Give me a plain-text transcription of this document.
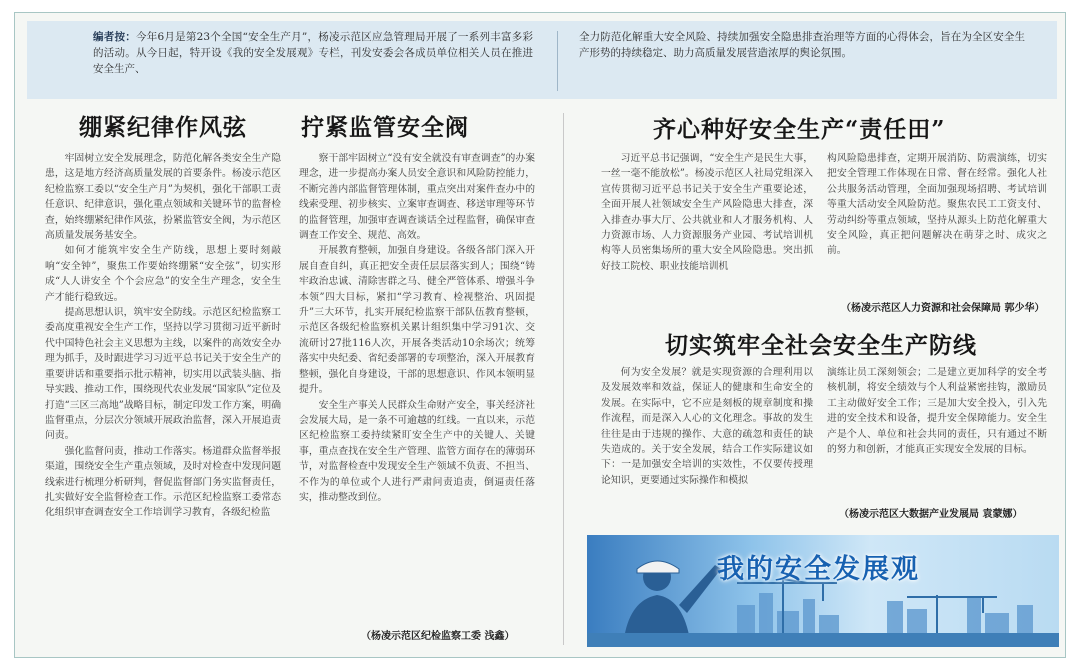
编者按：今年6月是第23个全国“安全生产月”，杨凌示范区应急管理局开展了一系列丰富多彩的活动。从今日起，特开设《我的安全发展观》专栏，刊发安委会各成员单位相关人员在推进安全生产、
全力防范化解重大安全风险、持续加强安全隐患排查治理等方面的心得体会，旨在为全区安全生产形势的持续稳定、助力高质量发展营造浓厚的舆论氛围。
绷紧纪律作风弦

牢固树立安全发展理念，防范化解各类安全生产隐患，这是地方经济高质量发展的首要条件。杨凌示范区纪检监察工委以“安全生产月”为契机，强化干部职工责任意识、纪律意识，强化重点领域和关键环节的监督检查，始终绷紧纪律作风弦，扮紧监管安全阀，为示范区高质量发展务基安全。

如何才能筑牢安全生产防线，思想上要时刻敲响“安全钟”，聚焦工作要始终绷紧“安全弦”，切实形成“人人讲安全 个个会应急”的安全生产理念，安全生产才能行稳致远。

提高思想认识，筑牢安全防线。示范区纪检监察工委高度重视安全生产工作，坚持以学习贯彻习近平新时代中国特色社会主义思想为主线，以案件的高效安全办理为抓手，及时跟进学习习近平总书记关于安全生产的重要讲话和重要指示批示精神，切实用以武装头脑、指导实践、推动工作，围绕现代农业发展“国家队”定位及打造“三区三高地”战略目标，制定印发工作方案，明确监督重点，分层次分领域开展政治监督，深入开展追责问责。

强化监督问责，推动工作落实。杨道群众监督举报渠道，围绕安全生产重点领域，及时对检查中发现问题线索进行梳理分析研判，督促监督部门务实监督责任，扎实做好安全监督检查工作。示范区纪检监察工委常态化组织审查调查安全工作培训学习教育，各级纪检监

拧紧监管安全阀

察干部牢固树立“没有安全就没有审查调查”的办案理念，进一步提高办案人员安全意识和风险防控能力，不断完善内部监督管理体制，重点突出对案件查办中的线索受理、初步核实、立案审查调查、移送审理等环节的监督管理，加强审查调查谈话全过程监督，确保审查调查工作安全、规范、高效。

开展教育整顿，加强自身建设。各级各部门深入开展自查自纠，真正把安全责任层层落实到人；围绕“铸牢政治忠诚、清除害群之马、健全严管体系、增强斗争本领”四大目标，紧扣“学习教育、检视整治、巩固提升”三大环节，扎实开展纪检监察干部队伍教育整顿，示范区各级纪检监察机关累计组织集中学习91次、交流研讨27批116人次，开展各类活动10余场次；统筹落实中央纪委、省纪委部署的专项整治，深入开展教育整顿，强化自身建设，干部的思想意识、作风本领明显提升。

安全生产事关人民群众生命财产安全，事关经济社会发展大局，是一条不可逾越的红线。一直以来，示范区纪检监察工委持续紧盯安全生产中的关键人、关键事，重点查找在安全生产管理、监管方面存在的薄弱环节，对监督检查中发现安全生产领域不负责、不担当、不作为的单位或个人进行严肃问责追责，倒逼责任落实，推动整改到位。

（杨凌示范区纪检监察工委 浅鑫）
齐心种好安全生产“责任田”

习近平总书记强调，“安全生产是民生大事，一丝一毫不能放松”。杨凌示范区人社局党组深入宣传贯彻习近平总书记关于安全生产重要论述，全面开展人社领域安全生产风险隐患大排查，深入排查办事大厅、公共就业和人才服务机构、人力资源市场、人力资源服务产业园、考试培训机构等人员密集场所的重大安全风险隐患。突出抓好技工院校、职业技能培训机

构风险隐患排查，定期开展消防、防震演练，切实把安全管理工作体现在日常、督在经常。强化人社公共服务活动管理，全面加强现场招聘、考试培训等重大活动安全风险防范。聚焦农民工工资支付、劳动纠纷等重点领域，坚持从源头上防范化解重大安全风险，真正把问题解决在萌芽之时、成灾之前。

（杨凌示范区人力资源和社会保障局 郭少华）
切实筑牢全社会安全生产防线

何为安全发展？就是实现资源的合理利用以及发展效率和效益，保证人的健康和生命安全的发展。在实际中，它不应是刻板的规章制度和操作流程，而是深入人心的文化理念。事故的发生往往是由于违规的操作、大意的疏忽和责任的缺失造成的。关于安全发展，结合工作实际建议如下：一是加强安全培训的实效性，不仅要传授理论知识，更要通过实际操作和模拟

演练让员工深刻领会；二是建立更加科学的安全考核机制，将安全绩效与个人利益紧密挂钩，激励员工主动做好安全工作；三是加大安全投入，引入先进的安全技术和设备，提升安全保障能力。安全生产是个人、单位和社会共同的责任，只有通过不断的努力和创新，才能真正实现安全发展的目标。

（杨凌示范区大数据产业发展局 袁蒙娜）
我的安全发展观
